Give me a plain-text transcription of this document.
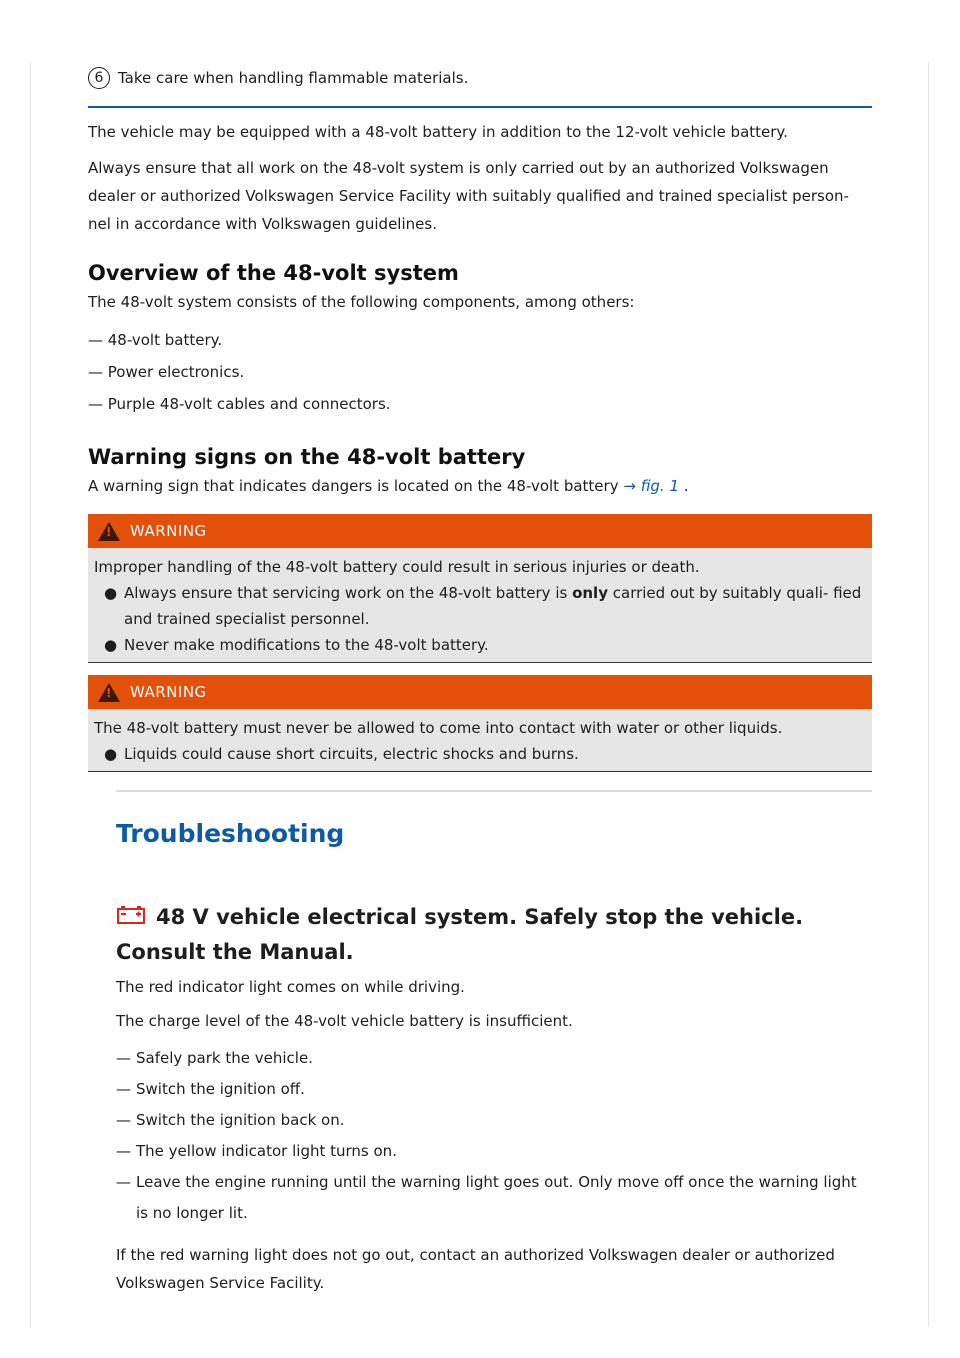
6 Take care when handling flammable materials.

The vehicle may be equipped with a 48-volt battery in addition to the 12-volt vehicle battery.

Always ensure that all work on the 48-volt system is only carried out by an authorized Volkswagen dealer or authorized Volkswagen Service Facility with suitably qualified and trained specialist person- nel in accordance with Volkswagen guidelines.

Overview of the 48-volt system

The 48-volt system consists of the following components, among others:

— 48-volt battery.
— Power electronics.
— Purple 48-volt cables and connectors.
Warning signs on the 48-volt battery

A warning sign that indicates dangers is located on the 48-volt battery → fig. 1 .

!
WARNING

Improper handling of the 48-volt battery could result in serious injuries or death.

● Always ensure that servicing work on the 48-volt battery is only carried out by suitably quali- fied and trained specialist personnel.
● Never make modifications to the 48-volt battery.
!
WARNING

The 48-volt battery must never be allowed to come into contact with water or other liquids.

● Liquids could cause short circuits, electric shocks and burns.
Troubleshooting
48 V vehicle electrical system. Safely stop the vehicle. Consult the Manual.

The red indicator light comes on while driving.

The charge level of the 48-volt vehicle battery is insufficient.

— Safely park the vehicle.
— Switch the ignition off.
— Switch the ignition back on.
— The yellow indicator light turns on.
— Leave the engine running until the warning light goes out. Only move off once the warning light is no longer lit.

If the red warning light does not go out, contact an authorized Volkswagen dealer or authorized Volkswagen Service Facility.
